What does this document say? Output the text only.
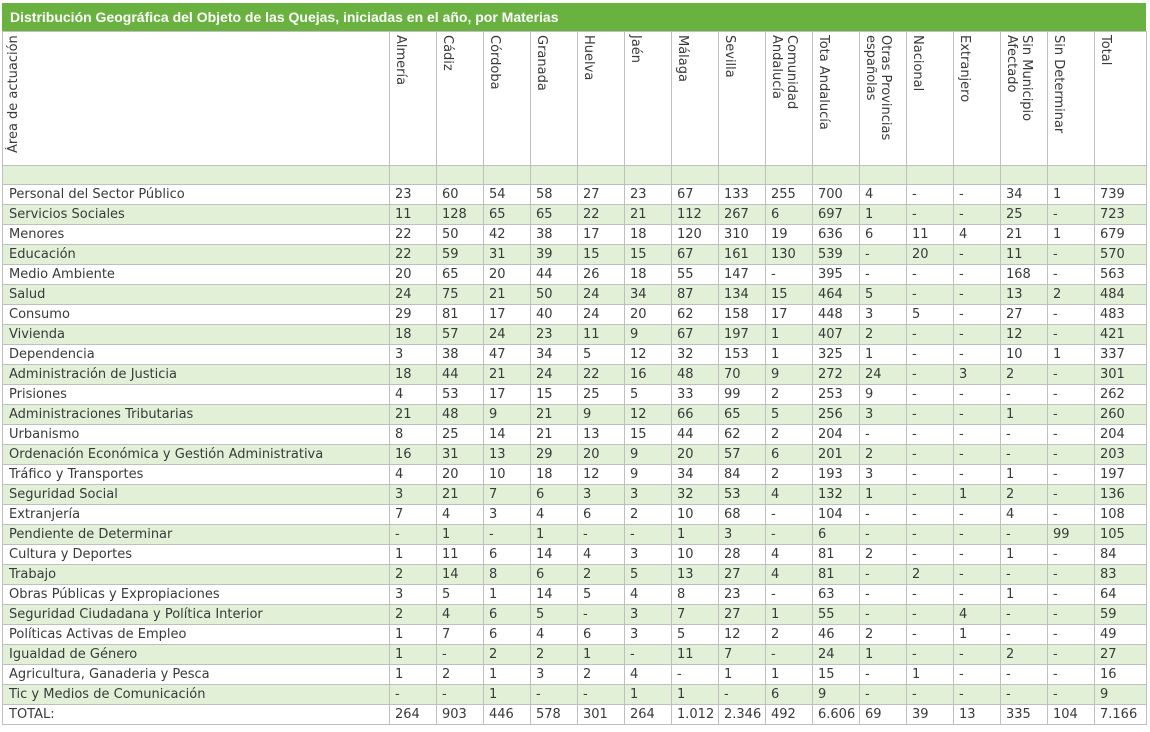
Distribución Geográfica del Objeto de las Quejas, iniciadas en el año, por Materias
Área de actuación	Almería	Cádiz	Córdoba	Granada	Huelva	Jaén	Málaga	Sevilla	Comunidad Andalucía	Tota Andalucía	Otras Provincias españolas	Nacional	Extranjero	Sin Municipio Afectado	Sin Determinar	Total

Personal del Sector Público	23	60	54	58	27	23	67	133	255	700	4	-	-	34	1	739
Servicios Sociales	11	128	65	65	22	21	112	267	6	697	1	-	-	25	-	723
Menores	22	50	42	38	17	18	120	310	19	636	6	11	4	21	1	679
Educación	22	59	31	39	15	15	67	161	130	539	-	20	-	11	-	570
Medio Ambiente	20	65	20	44	26	18	55	147	-	395	-	-	-	168	-	563
Salud	24	75	21	50	24	34	87	134	15	464	5	-	-	13	2	484
Consumo	29	81	17	40	24	20	62	158	17	448	3	5	-	27	-	483
Vivienda	18	57	24	23	11	9	67	197	1	407	2	-	-	12	-	421
Dependencia	3	38	47	34	5	12	32	153	1	325	1	-	-	10	1	337
Administración de Justicia	18	44	21	24	22	16	48	70	9	272	24	-	3	2	-	301
Prisiones	4	53	17	15	25	5	33	99	2	253	9	-	-	-	-	262
Administraciones Tributarias	21	48	9	21	9	12	66	65	5	256	3	-	-	1	-	260
Urbanismo	8	25	14	21	13	15	44	62	2	204	-	-	-	-	-	204
Ordenación Económica y Gestión Administrativa	16	31	13	29	20	9	20	57	6	201	2	-	-	-	-	203
Tráfico y Transportes	4	20	10	18	12	9	34	84	2	193	3	-	-	1	-	197
Seguridad Social	3	21	7	6	3	3	32	53	4	132	1	-	1	2	-	136
Extranjería	7	4	3	4	6	2	10	68	-	104	-	-	-	4	-	108
Pendiente de Determinar	-	1	-	1	-	-	1	3	-	6	-	-	-	-	99	105
Cultura y Deportes	1	11	6	14	4	3	10	28	4	81	2	-	-	1	-	84
Trabajo	2	14	8	6	2	5	13	27	4	81	-	2	-	-	-	83
Obras Públicas y Expropiaciones	3	5	1	14	5	4	8	23	-	63	-	-	-	1	-	64
Seguridad Ciudadana y Política Interior	2	4	6	5	-	3	7	27	1	55	-	-	4	-	-	59
Políticas Activas de Empleo	1	7	6	4	6	3	5	12	2	46	2	-	1	-	-	49
Igualdad de Género	1	-	2	2	1	-	11	7	-	24	1	-	-	2	-	27
Agricultura, Ganaderia y Pesca	1	2	1	3	2	4	-	1	1	15	-	1	-	-	-	16
Tic y Medios de Comunicación	-	-	1	-	-	1	1	-	6	9	-	-	-	-	-	9
TOTAL:	264	903	446	578	301	264	1.012	2.346	492	6.606	69	39	13	335	104	7.166
